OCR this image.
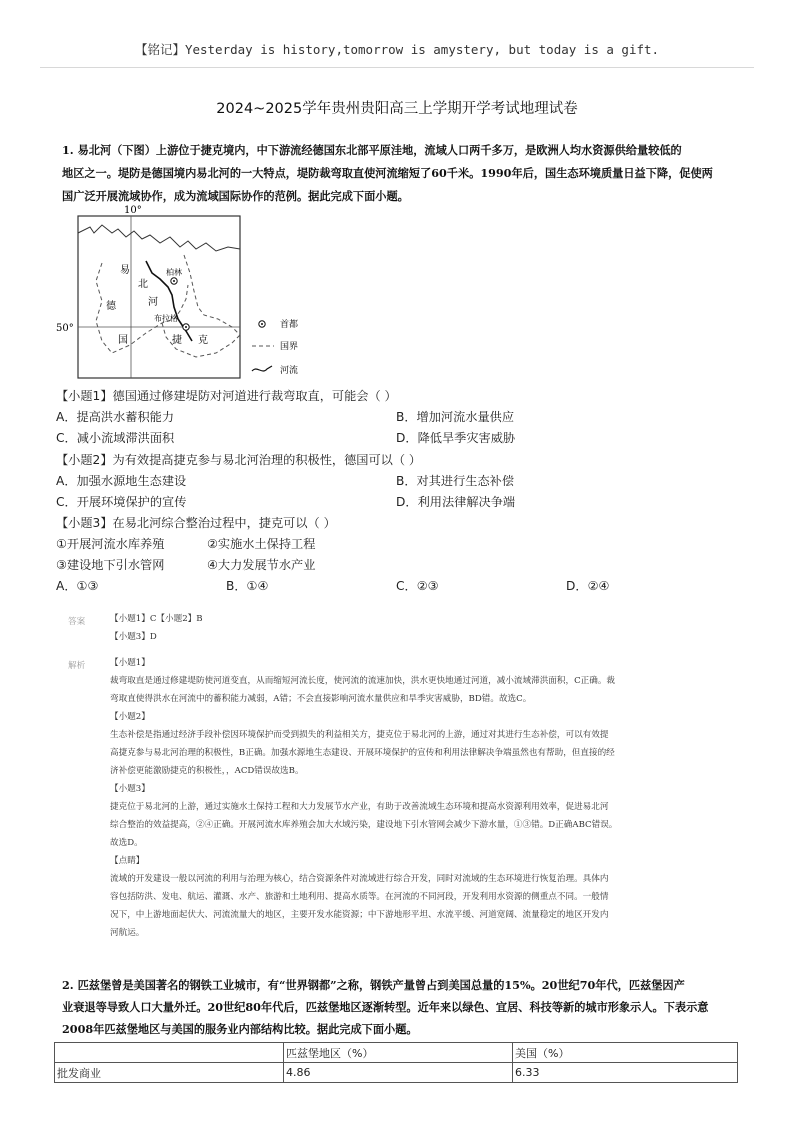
【铭记】Yesterday is history,tomorrow is amystery, but today is a gift.
2024~2025学年贵州贵阳高三上学期开学考试地理试卷
1. 易北河（下图）上游位于捷克境内，中下游流经德国东北部平原洼地，流域人口两千多万，是欧洲人均水资源供给量较低的
地区之一。堤防是德国境内易北河的一大特点，堤防裁弯取直使河流缩短了60千米。1990年后，国生态环境质量日益下降，促使两
国广泛开展流域协作，成为流域国际协作的范例。据此完成下面小题。
10°
50°
柏林
布拉格
易
北
德	河
国	捷 克
首都
国界
河流
【小题1】德国通过修建堤防对河道进行裁弯取直，可能会（ ）
A．提高洪水蓄积能力	B．增加河流水量供应
C．减小流域滞洪面积	D．降低旱季灾害威胁
【小题2】为有效提高捷克参与易北河治理的积极性，德国可以（ ）
A．加强水源地生态建设	B．对其进行生态补偿
C．开展环境保护的宣传	D．利用法律解决争端
【小题3】在易北河综合整治过程中，捷克可以（ ）
①开展河流水库养殖	②实施水土保持工程
③建设地下引水管网	④大力发展节水产业
A．①③	B．①④	C．②③	D．②④
答案	【小题1】C【小题2】B
【小题3】D
解析	【小题1】
裁弯取直是通过修建堤防使河道变直，从而缩短河流长度，使河流的流速加快，洪水更快地通过河道，减小流域滞洪面积，C正确。裁
弯取直使得洪水在河流中的蓄积能力减弱，A错；不会直接影响河流水量供应和旱季灾害威胁，BD错。故选C。
【小题2】
生态补偿是指通过经济手段补偿因环境保护而受到损失的利益相关方，捷克位于易北河的上游，通过对其进行生态补偿，可以有效提
高捷克参与易北河治理的积极性，B正确。加强水源地生态建设、开展环境保护的宣传和利用法律解决争端虽然也有帮助，但直接的经
济补偿更能激励捷克的积极性，，ACD错误故选B。
【小题3】
捷克位于易北河的上游，通过实施水土保持工程和大力发展节水产业，有助于改善流域生态环境和提高水资源利用效率，促进易北河
综合整治的效益提高，②④正确。开展河流水库养殖会加大水域污染，建设地下引水管网会减少下游水量，①③错。D正确ABC错误。
故选D。
【点睛】
流域的开发建设一般以河流的利用与治理为核心，结合资源条件对流域进行综合开发，同时对流域的生态环境进行恢复治理。具体内
容包括防洪、发电、航运、灌溉、水产、旅游和土地利用、提高水质等。在河流的不同河段，开发利用水资源的侧重点不同。一般情
况下，中上游地面起伏大、河流流量大的地区，主要开发水能资源；中下游地形平坦、水流平缓、河道宽阔、流量稳定的地区开发内
河航运。
2. 匹兹堡曾是美国著名的钢铁工业城市，有“世界钢都”之称，钢铁产量曾占到美国总量的15%。20世纪70年代，匹兹堡因产
业衰退等导致人口大量外迁。20世纪80年代后，匹兹堡地区逐渐转型。近年来以绿色、宜居、科技等新的城市形象示人。下表示意
2008年匹兹堡地区与美国的服务业内部结构比较。据此完成下面小题。
	匹兹堡地区（%）	美国（%）
批发商业	4.86	6.33
